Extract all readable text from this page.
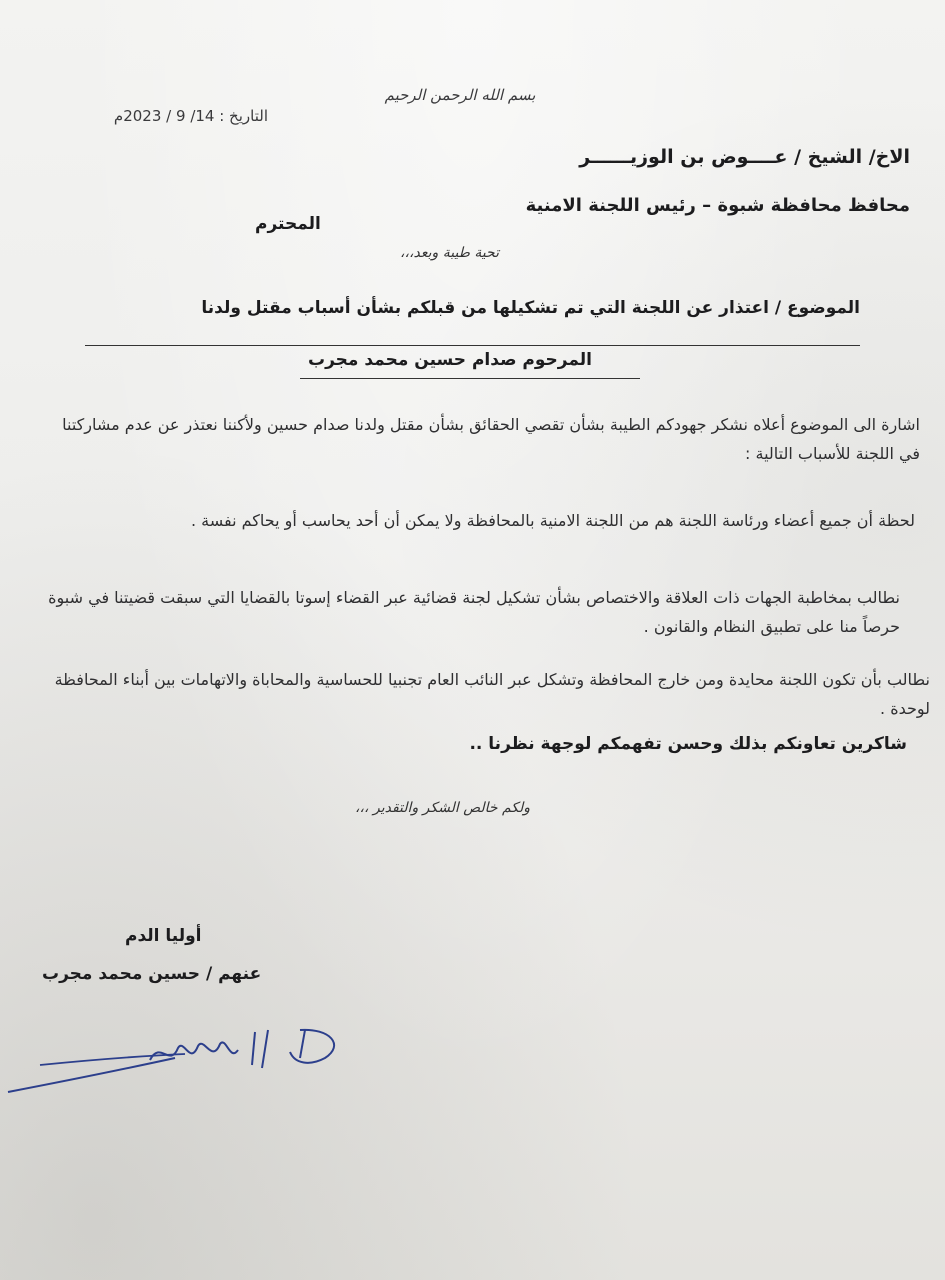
بسم الله الرحمن الرحيم

التاريخ : 14/ 9 / 2023م

الاخ/ الشيخ / عــــوض بن الوزيــــــر

محافظ محافظة شبوة – رئيس اللجنة الامنية

المحترم

تحية طيبة وبعد،،،

الموضوع / اعتذار عن اللجنة التي تم تشكيلها من قبلكم بشأن أسباب مقتل ولدنا

المرحوم صدام حسين محمد مجرب

اشارة الى الموضوع أعلاه نشكر جهودكم الطيبة بشأن تقصي الحقائق بشأن مقتل ولدنا صدام حسين ولأكننا نعتذر عن عدم مشاركتنا في اللجنة للأسباب التالية :

لحظة أن جميع أعضاء ورئاسة اللجنة هم من اللجنة الامنية بالمحافظة ولا يمكن أن أحد يحاسب أو يحاكم نفسة .

نطالب بمخاطبة الجهات ذات العلاقة والاختصاص بشأن تشكيل لجنة قضائية عبر القضاء إسوتا بالقضايا التي سبقت قضيتنا في شبوة حرصاً منا على تطبيق النظام والقانون .

نطالب بأن تكون اللجنة محايدة ومن خارج المحافظة وتشكل عبر النائب العام تجنبيا للحساسية والمحاباة والاتهامات بين أبناء المحافظة لوحدة .

شاكرين تعاونكم بذلك وحسن تفهمكم لوجهة نظرنا ..

ولكم خالص الشكر والتقدير ،،،

أوليا الدم

عنهم / حسين محمد مجرب
